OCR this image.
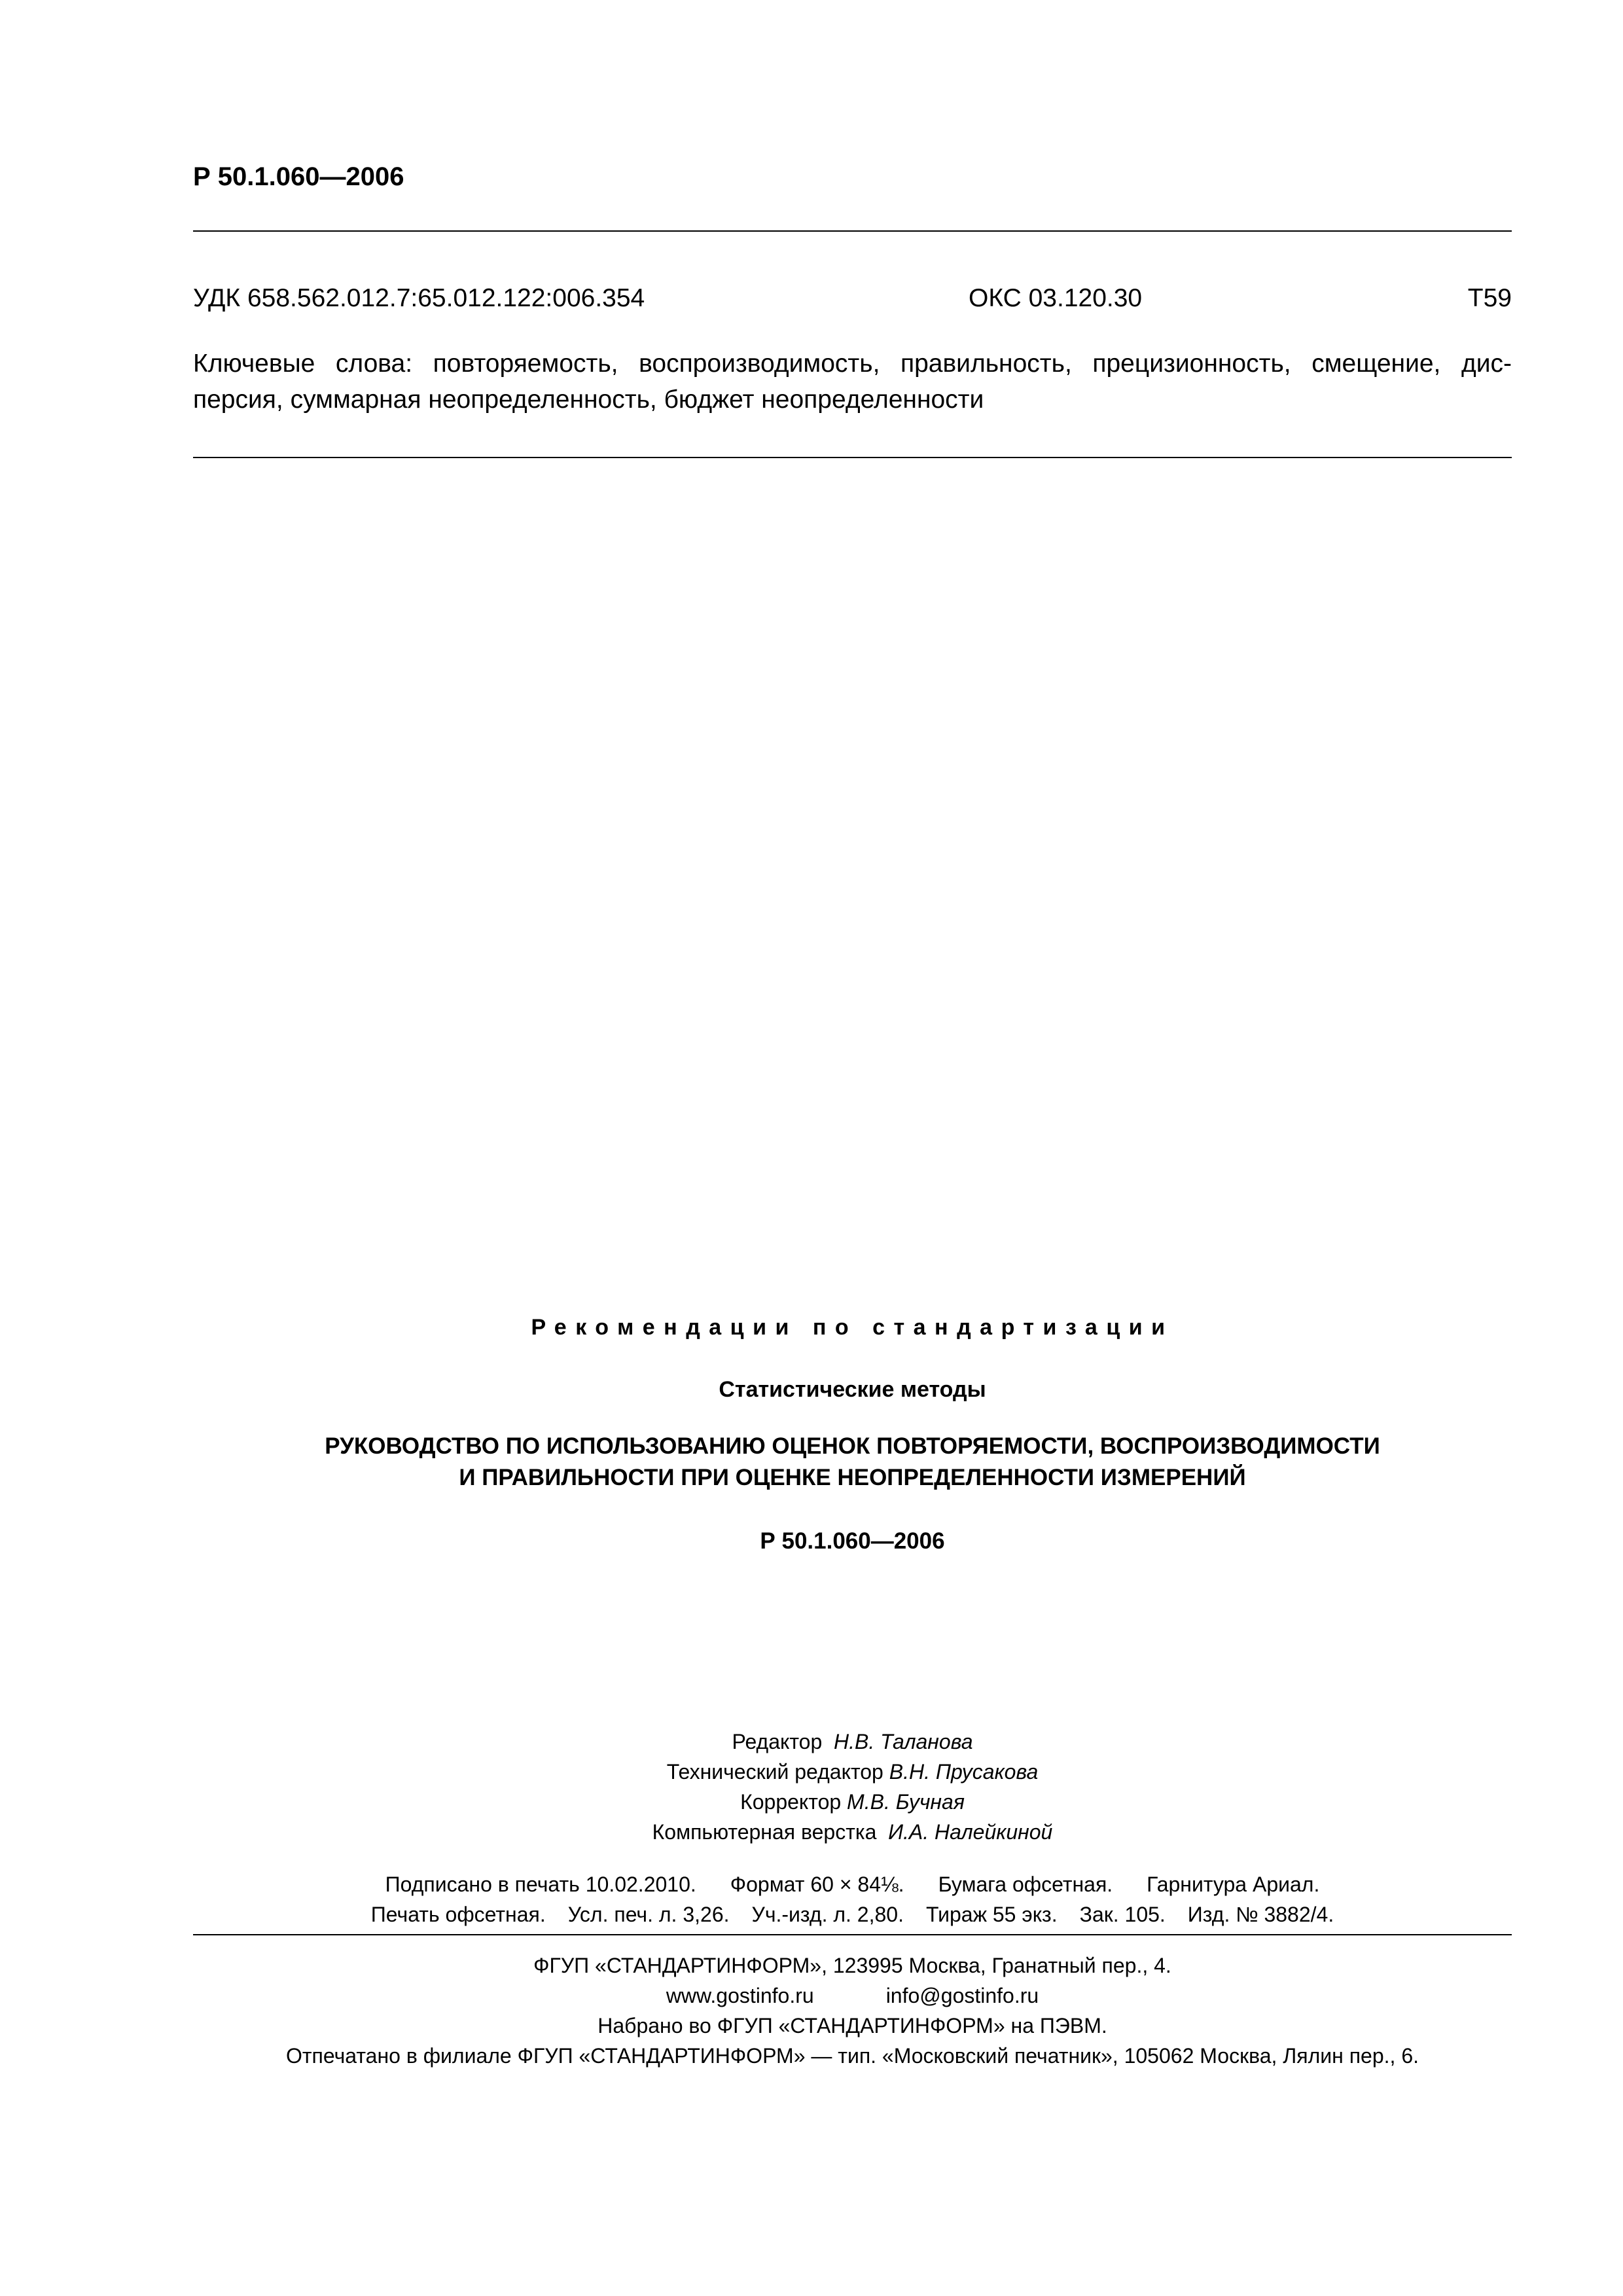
Р 50.1.060—2006
УДК 658.562.012.7:65.012.122:006.354	ОКС 03.120.30	Т59
Ключевые слова: повторяемость, воспроизводимость, правильность, прецизионность, смещение, дис-
персия, суммарная неопределенность, бюджет неопределенности
Рекомендации по стандартизации
Статистические методы
РУКОВОДСТВО ПО ИСПОЛЬЗОВАНИЮ ОЦЕНОК ПОВТОРЯЕМОСТИ, ВОСПРОИЗВОДИМОСТИ
И ПРАВИЛЬНОСТИ ПРИ ОЦЕНКЕ НЕОПРЕДЕЛЕННОСТИ ИЗМЕРЕНИЙ
Р 50.1.060—2006
Редактор Н.В. Таланова
Технический редактор В.Н. Прусакова
Корректор М.В. Бучная
Компьютерная верстка И.А. Налейкиной
Подписано в печать 10.02.2010. Формат 60 × 84⅛. Бумага офсетная. Гарнитура Ариал.
Печать офсетная. Усл. печ. л. 3,26. Уч.-изд. л. 2,80. Тираж 55 экз. Зак. 105. Изд. № 3882/4.
ФГУП «СТАНДАРТИНФОРМ», 123995 Москва, Гранатный пер., 4.
www.gostinfo.ru	info@gostinfo.ru
Набрано во ФГУП «СТАНДАРТИНФОРМ» на ПЭВМ.
Отпечатано в филиале ФГУП «СТАНДАРТИНФОРМ» — тип. «Московский печатник», 105062 Москва, Лялин пер., 6.
